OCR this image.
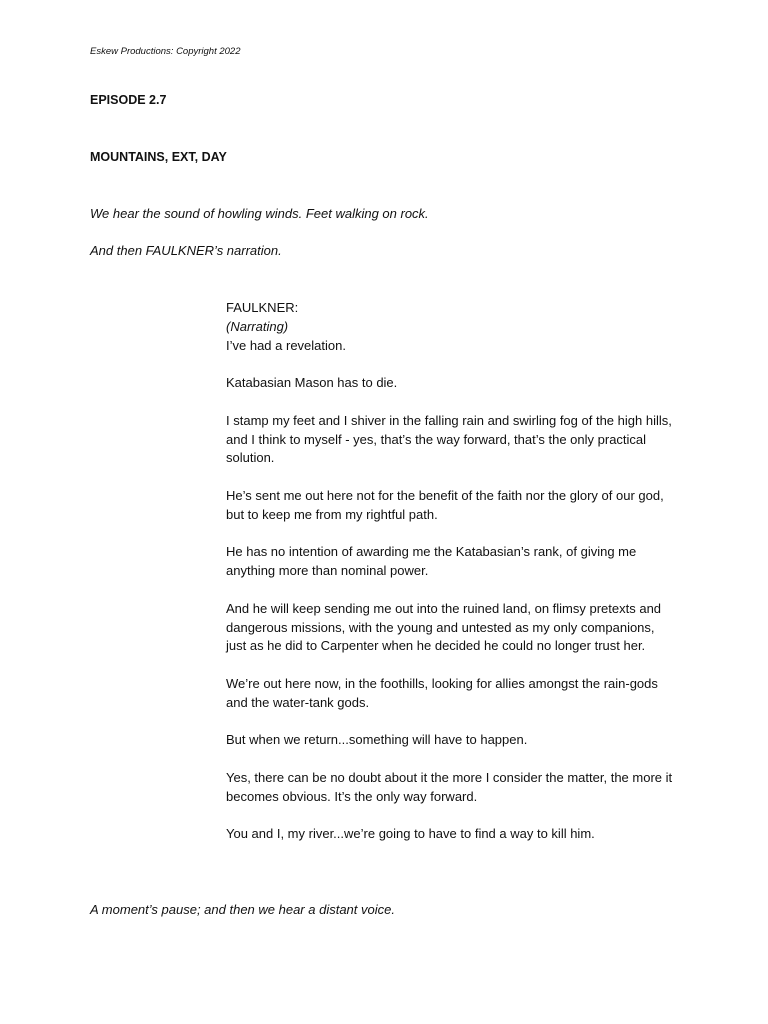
Eskew Productions: Copyright 2022
EPISODE 2.7
MOUNTAINS, EXT, DAY
We hear the sound of howling winds. Feet walking on rock.
And then FAULKNER’s narration.
FAULKNER:
(Narrating)

I’ve had a revelation.

Katabasian Mason has to die.

I stamp my feet and I shiver in the falling rain and swirling fog of the high hills, and I think to myself - yes, that’s the way forward, that’s the only practical solution.

He’s sent me out here not for the benefit of the faith nor the glory of our god, but to keep me from my rightful path.

He has no intention of awarding me the Katabasian’s rank, of giving me anything more than nominal power.

And he will keep sending me out into the ruined land, on flimsy pretexts and dangerous missions, with the young and untested as my only companions, just as he did to Carpenter when he decided he could no longer trust her.

We’re out here now, in the foothills, looking for allies amongst the rain-gods and the water-tank gods.

But when we return...something will have to happen.

Yes, there can be no doubt about it the more I consider the matter, the more it becomes obvious. It’s the only way forward.

You and I, my river...we’re going to have to find a way to kill him.

A moment’s pause; and then we hear a distant voice.
